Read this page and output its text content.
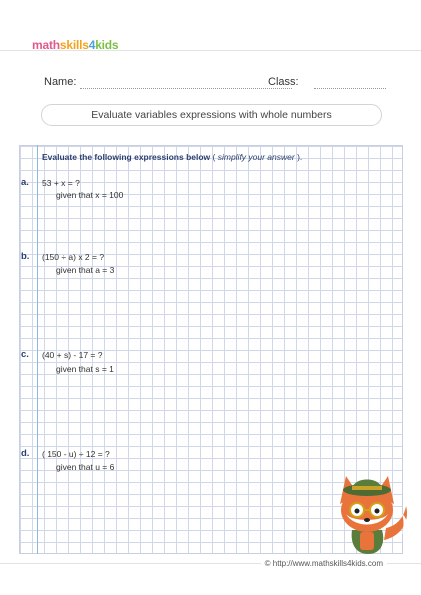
mathskills4kids
Name:	Class:
Evaluate variables expressions with whole numbers
Evaluate the following expressions below ( simplify your answer ).
a. 53 + x = ?
given that x = 100
b. (150 ÷ a) x 2 = ?
given that a = 3
c. (40 + s) - 17 = ?
given that s = 1
d. ( 150 - u) ÷ 12 = ?
given that u = 6
© http://www.mathskills4kids.com
